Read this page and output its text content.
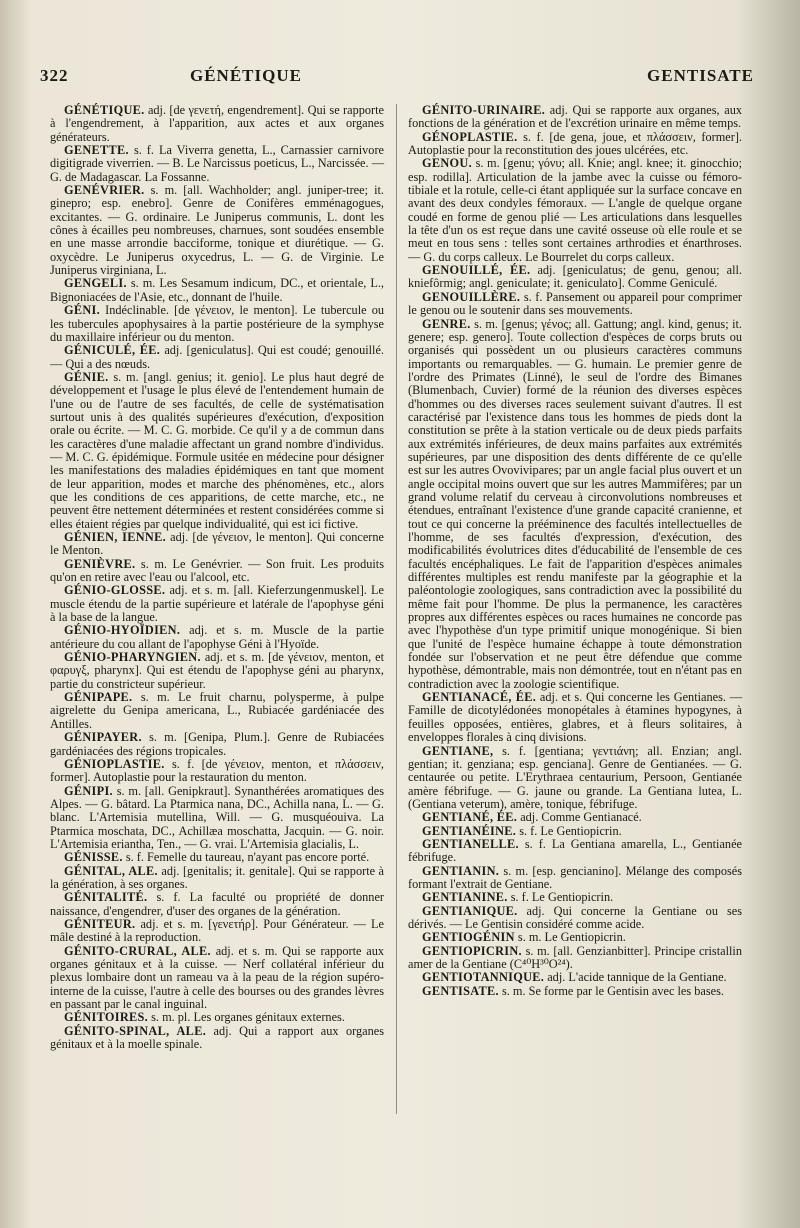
322	GÉNÉTIQUE	GENTISATE

GÉNÉTIQUE. adj. [de γενετή, engendrement]. Qui se rapporte à l'engendrement, à l'apparition, aux actes et aux organes générateurs.

GENETTE. s. f. La Viverra genetta, L., Carnassier carnivore digitigrade viverrien. — B. Le Narcissus poeticus, L., Narcissée. — G. de Madagascar. La Fossanne.

GENÉVRIER. s. m. [all. Wachholder; angl. juniper-tree; it. ginepro; esp. enebro]. Genre de Conifères emménagogues, excitantes. — G. ordinaire. Le Juniperus communis, L. dont les cônes à écailles peu nombreuses, charnues, sont soudées ensemble en une masse arrondie bacciforme, tonique et diurétique. — G. oxycèdre. Le Juniperus oxycedrus, L. — G. de Virginie. Le Juniperus virginiana, L.

GENGELI. s. m. Les Sesamum indicum, DC., et orientale, L., Bignoniacées de l'Asie, etc., donnant de l'huile.

GÉNI. Indéclinable. [de γένειον, le menton]. Le tubercule ou les tubercules apophysaires à la partie postérieure de la symphyse du maxillaire inférieur ou du menton.

GÉNICULÉ, ÉE. adj. [geniculatus]. Qui est coudé; genouillé. — Qui a des nœuds.

GÉNIE. s. m. [angl. genius; it. genio]. Le plus haut degré de développement et l'usage le plus élevé de l'entendement humain de l'une ou de l'autre de ses facultés, de celle de systématisation surtout unis à des qualités supérieures d'exécution, d'exposition orale ou écrite. — M. C. G. morbide. Ce qu'il y a de commun dans les caractères d'une maladie affectant un grand nombre d'individus. — M. C. G. épidémique. Formule usitée en médecine pour désigner les manifestations des maladies épidémiques en tant que moment de leur apparition, modes et marche des phénomènes, etc., alors que les conditions de ces apparitions, de cette marche, etc., ne peuvent être nettement déterminées et restent considérées comme si elles étaient régies par quelque individualité, qui est ici fictive.

GÉNIEN, IENNE. adj. [de γένειον, le menton]. Qui concerne le Menton.

GENIÈVRE. s. m. Le Genévrier. — Son fruit. Les produits qu'on en retire avec l'eau ou l'alcool, etc.

GÉNIO-GLOSSE. adj. et s. m. [all. Kieferzungenmuskel]. Le muscle étendu de la partie supérieure et latérale de l'apophyse géni à la base de la langue.

GÉNIO-HYOÏDIEN. adj. et s. m. Muscle de la partie antérieure du cou allant de l'apophyse Géni à l'Hyoïde.

GÉNIO-PHARYNGIEN. adj. et s. m. [de γένειον, menton, et φαρυγξ, pharynx]. Qui est étendu de l'apophyse géni au pharynx, partie du constricteur supérieur.

GÉNIPAPE. s. m. Le fruit charnu, polysperme, à pulpe aigrelette du Genipa americana, L., Rubiacée gardéniacée des Antilles.

GÉNIPAYER. s. m. [Genipa, Plum.]. Genre de Rubiacées gardéniacées des régions tropicales.

GÉNIOPLASTIE. s. f. [de γένειον, menton, et πλάσσειν, former]. Autoplastie pour la restauration du menton.

GÉNIPI. s. m. [all. Genipkraut]. Synanthérées aromatiques des Alpes. — G. bâtard. La Ptarmica nana, DC., Achilla nana, L. — G. blanc. L'Artemisia mutellina, Will. — G. musquéouiva. La Ptarmica moschata, DC., Achillæa moschatta, Jacquin. — G. noir. L'Artemisia eriantha, Ten., — G. vrai. L'Artemisia glacialis, L.

GÉNISSE. s. f. Femelle du taureau, n'ayant pas encore porté.

GÉNITAL, ALE. adj. [genitalis; it. genitale]. Qui se rapporte à la génération, à ses organes.

GÉNITALITÉ. s. f. La faculté ou propriété de donner naissance, d'engendrer, d'user des organes de la génération.

GÉNITEUR. adj. et s. m. [γενετήρ]. Pour Générateur. — Le mâle destiné à la reproduction.

GÉNITO-CRURAL, ALE. adj. et s. m. Qui se rapporte aux organes génitaux et à la cuisse. — Nerf collatéral inférieur du plexus lombaire dont un rameau va à la peau de la région supéro-interne de la cuisse, l'autre à celle des bourses ou des grandes lèvres en passant par le canal inguinal.

GÉNITOIRES. s. m. pl. Les organes génitaux externes.

GÉNITO-SPINAL, ALE. adj. Qui a rapport aux organes génitaux et à la moelle spinale.

GÉNITO-URINAIRE. adj. Qui se rapporte aux organes, aux fonctions de la génération et de l'excrétion urinaire en même temps.

GÉNOPLASTIE. s. f. [de gena, joue, et πλάσσειν, former]. Autoplastie pour la reconstitution des joues ulcérées, etc.

GENOU. s. m. [genu; γόνυ; all. Knie; angl. knee; it. ginocchio; esp. rodilla]. Articulation de la jambe avec la cuisse ou fémoro-tibiale et la rotule, celle-ci étant appliquée sur la surface concave en avant des deux condyles fémoraux. — L'angle de quelque organe coudé en forme de genou plié — Les articulations dans lesquelles la tête d'un os est reçue dans une cavité osseuse où elle roule et se meut en tous sens : telles sont certaines arthrodies et énarthroses. — G. du corps calleux. Le Bourrelet du corps calleux.

GENOUILLÉ, ÉE. adj. [geniculatus; de genu, genou; all. kniefôrmig; angl. geniculate; it. geniculato]. Comme Geniculé.

GENOUILLÈRE. s. f. Pansement ou appareil pour comprimer le genou ou le soutenir dans ses mouvements.

GENRE. s. m. [genus; γένος; all. Gattung; angl. kind, genus; it. genere; esp. genero]. Toute collection d'espèces de corps bruts ou organisés qui possèdent un ou plusieurs caractères communs importants ou remarquables. — G. humain. Le premier genre de l'ordre des Primates (Linné), le seul de l'ordre des Bimanes (Blumenbach, Cuvier) formé de la réunion des diverses espèces d'hommes ou des diverses races seulement suivant d'autres. Il est caractérisé par l'existence dans tous les hommes de pieds dont la constitution se prête à la station verticale ou de deux pieds parfaits aux extrémités inférieures, de deux mains parfaites aux extrémités supérieures, par une disposition des dents différente de ce qu'elle est sur les autres Ovovivipares; par un angle facial plus ouvert et un angle occipital moins ouvert que sur les autres Mammifères; par un grand volume relatif du cerveau à circonvolutions nombreuses et étendues, entraînant l'existence d'une grande capacité cranienne, et tout ce qui concerne la prééminence des facultés intellectuelles de l'homme, de ses facultés d'expression, d'exécution, des modificabilités évolutrices dites d'éducabilité de l'ensemble de ces facultés encéphaliques. Le fait de l'apparition d'espèces animales différentes multiples est rendu manifeste par la géographie et la paléontologie zoologiques, sans contradiction avec la possibilité du même fait pour l'homme. De plus la permanence, les caractères propres aux différentes espèces ou races humaines ne concorde pas avec l'hypothèse d'un type primitif unique monogénique. Si bien que l'unité de l'espèce humaine échappe à toute démonstration fondée sur l'observation et ne peut être défendue que comme hypothèse, démontrable, mais non démontrée, tout en n'étant pas en contradiction avec la zoologie scientifique.

GENTIANACÉ, ÉE. adj. et s. Qui concerne les Gentianes. — Famille de dicotylédonées monopétales à étamines hypogynes, à feuilles opposées, entières, glabres, et à fleurs solitaires, à enveloppes florales à cinq divisions.

GENTIANE, s. f. [gentiana; γεντιάνη; all. Enzian; angl. gentian; it. genziana; esp. genciana]. Genre de Gentianées. — G. centaurée ou petite. L'Erythraea centaurium, Persoon, Gentianée amère fébrifuge. — G. jaune ou grande. La Gentiana lutea, L. (Gentiana veterum), amère, tonique, fébrifuge.

GENTIANÉ, ÉE. adj. Comme Gentianacé.

GENTIANÉINE. s. f. Le Gentiopicrin.

GENTIANELLE. s. f. La Gentiana amarella, L., Gentianée fébrifuge.

GENTIANIN. s. m. [esp. gencianino]. Mélange des composés formant l'extrait de Gentiane.

GENTIANINE. s. f. Le Gentiopicrin.

GENTIANIQUE. adj. Qui concerne la Gentiane ou ses dérivés. — Le Gentisin considéré comme acide.

GENTIOGÉNIN s. m. Le Gentiopicrin.

GENTIOPICRIN. s. m. [all. Genzianbitter]. Principe cristallin amer de la Gentiane (C⁴⁰H³⁰O²⁴).

GENTIOTANNIQUE. adj. L'acide tannique de la Gentiane.

GENTISATE. s. m. Se forme par le Gentisin avec les bases.
